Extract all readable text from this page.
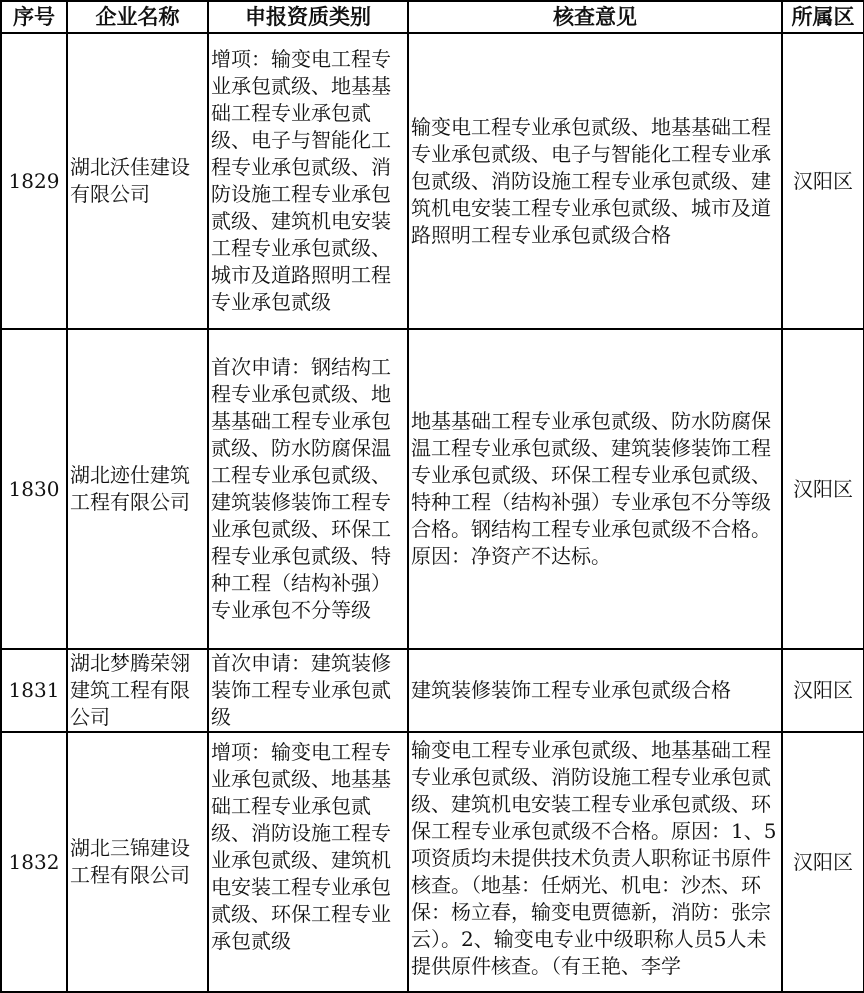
序号	企业名称	申报资质类别	核查意见	所属区
1829	湖北沃佳建设有限公司	增项：输变电工程专业承包贰级、地基基础工程专业承包贰级、电子与智能化工程专业承包贰级、消防设施工程专业承包贰级、建筑机电安装工程专业承包贰级、城市及道路照明工程专业承包贰级	输变电工程专业承包贰级、地基基础工程专业承包贰级、电子与智能化工程专业承包贰级、消防设施工程专业承包贰级、建筑机电安装工程专业承包贰级、城市及道路照明工程专业承包贰级合格	汉阳区
1830	湖北迹仕建筑工程有限公司	首次申请：钢结构工程专业承包贰级、地基基础工程专业承包贰级、防水防腐保温工程专业承包贰级、建筑装修装饰工程专业承包贰级、环保工程专业承包贰级、特种工程（结构补强）专业承包不分等级	地基基础工程专业承包贰级、防水防腐保温工程专业承包贰级、建筑装修装饰工程专业承包贰级、环保工程专业承包贰级、特种工程（结构补强）专业承包不分等级合格。钢结构工程专业承包贰级不合格。原因：净资产不达标。	汉阳区
1831	湖北梦腾荣翎建筑工程有限公司	首次申请：建筑装修装饰工程专业承包贰级	建筑装修装饰工程专业承包贰级合格	汉阳区
1832	湖北三锦建设工程有限公司	增项：输变电工程专业承包贰级、地基基础工程专业承包贰级、消防设施工程专业承包贰级、建筑机电安装工程专业承包贰级、环保工程专业承包贰级	输变电工程专业承包贰级、地基基础工程专业承包贰级、消防设施工程专业承包贰级、建筑机电安装工程专业承包贰级、环保工程专业承包贰级不合格。原因：1、5项资质均未提供技术负责人职称证书原件核查。（地基：任炳光、机电：沙杰、环保：杨立春，输变电贾德新，消防：张宗云）。2、输变电专业中级职称人员5人未提供原件核查。（有王艳、李学	汉阳区
